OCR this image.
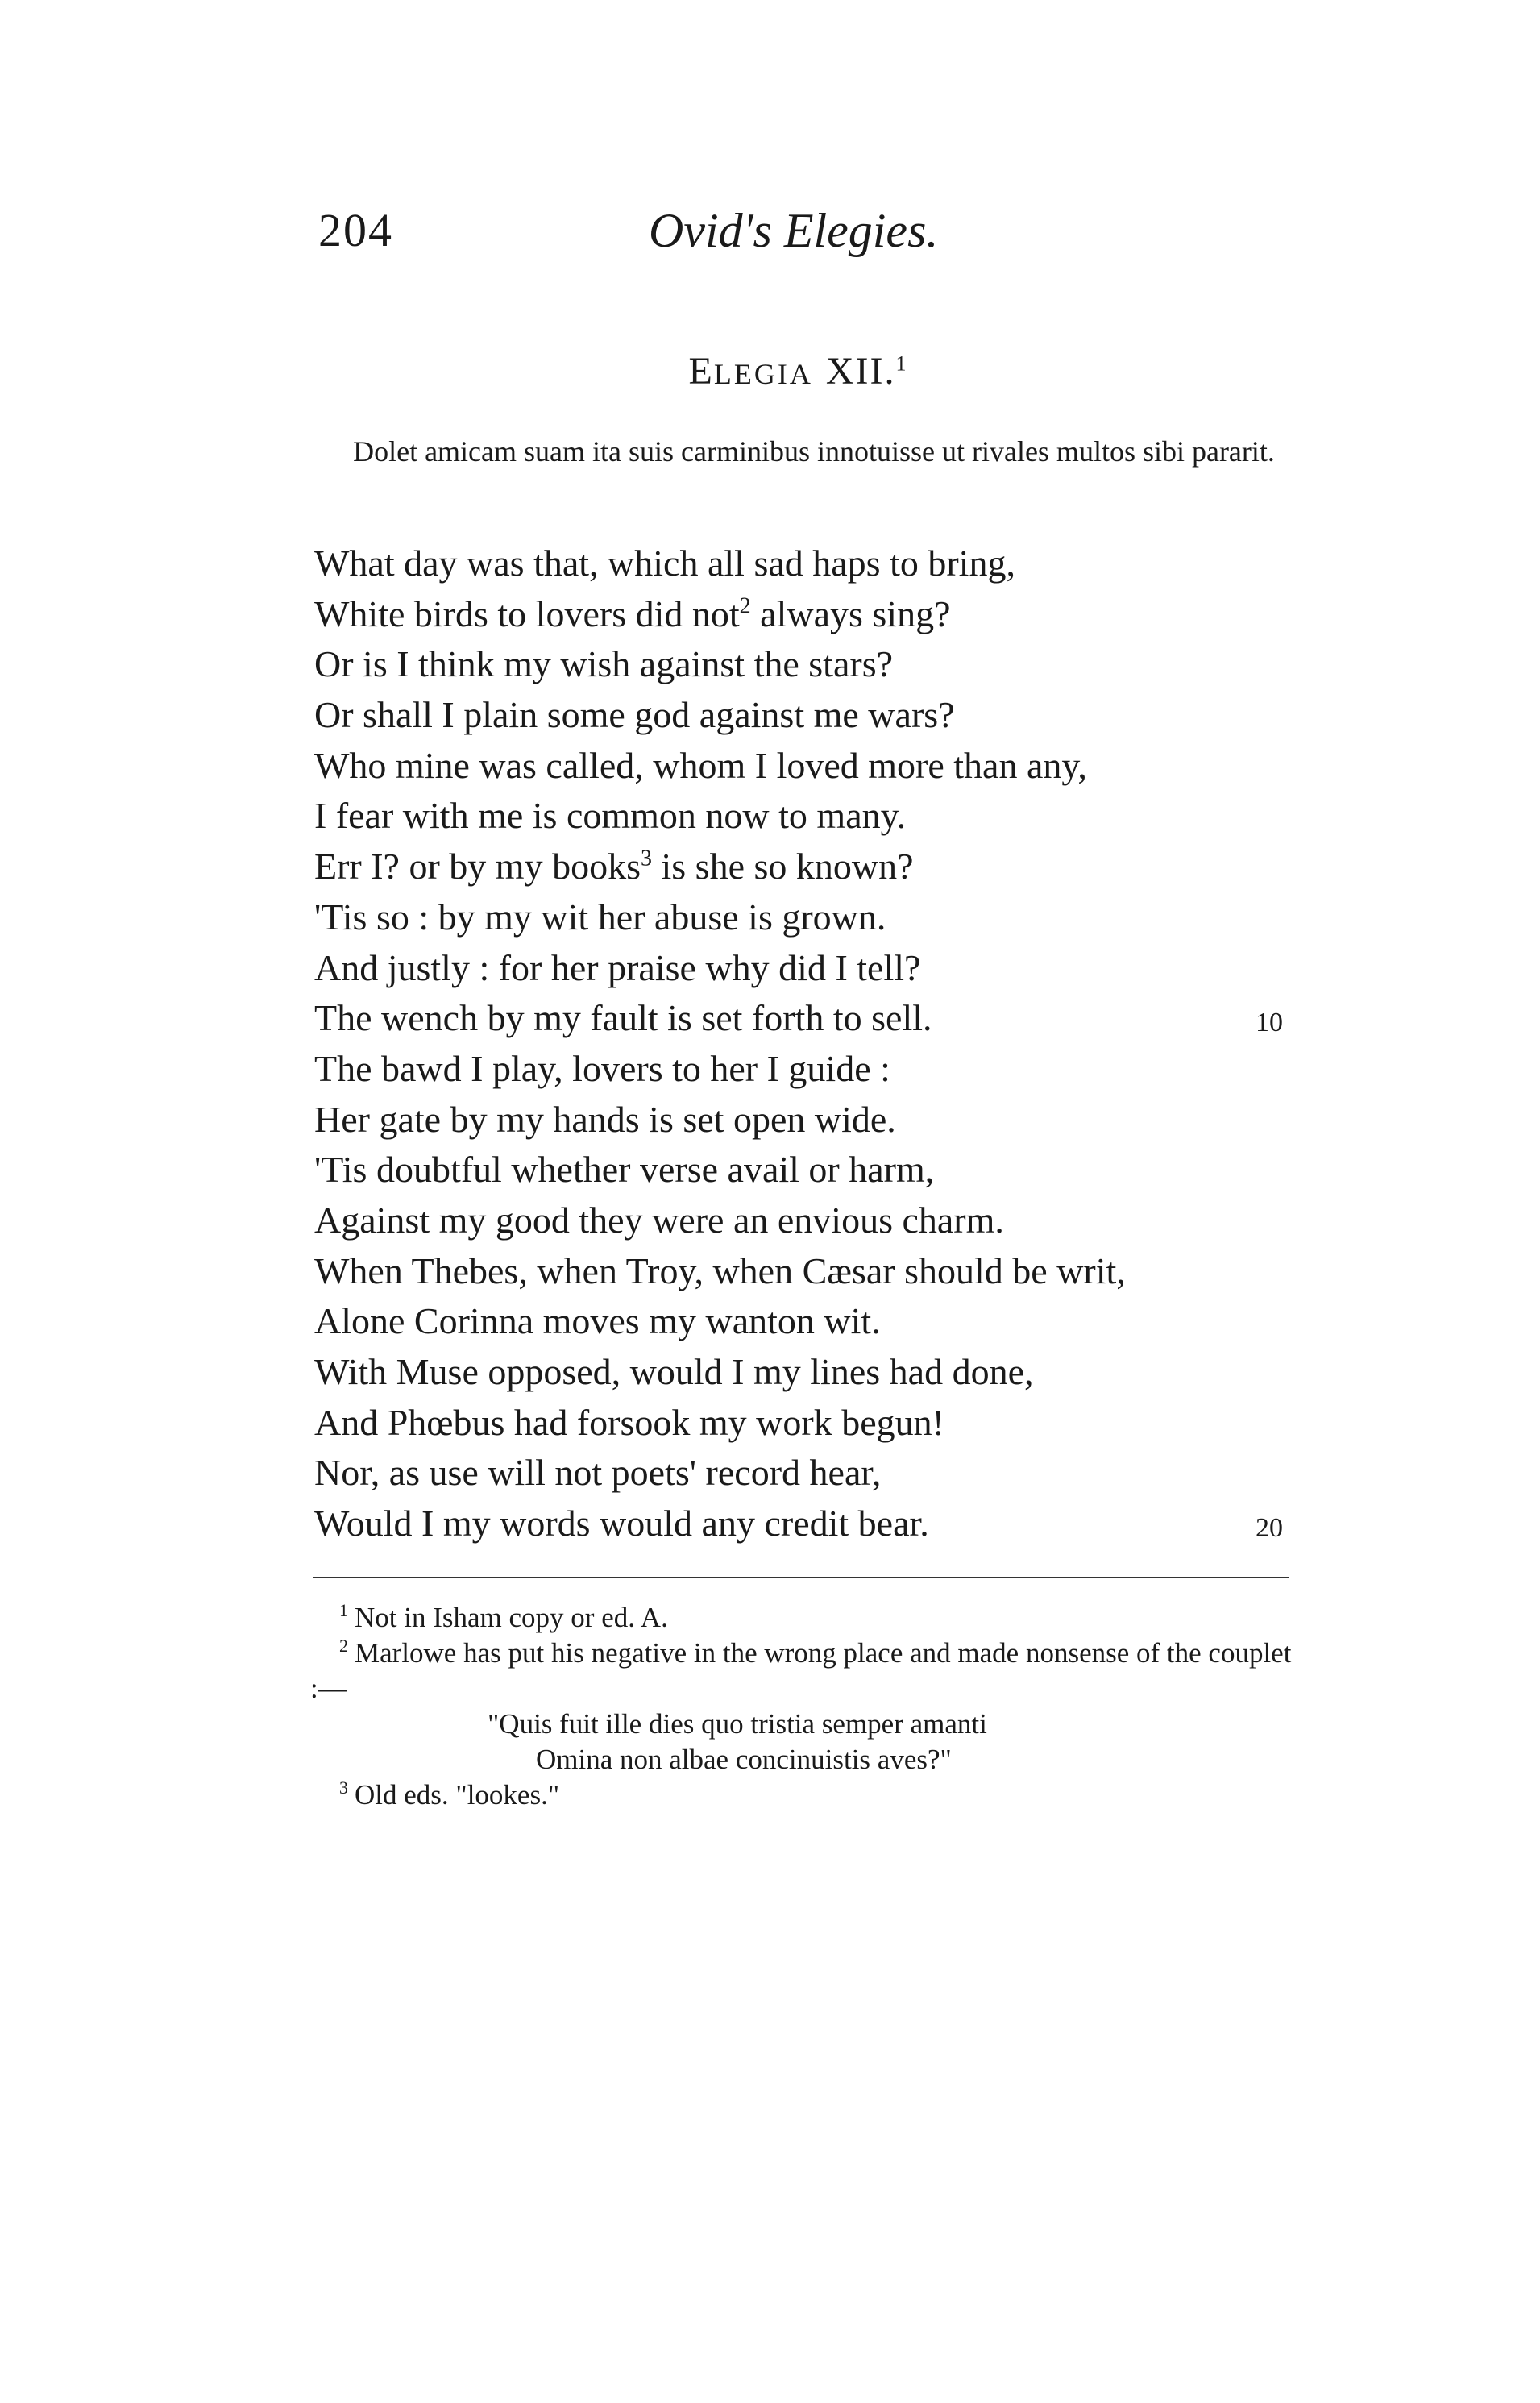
204	Ovid's Elegies.
ELEGIA XII.$^1$
Dolet amicam suam ita suis carminibus innotuisse ut rivales multos sibi pararit.
What day was that, which all sad haps to bring,
White birds to lovers did not$^2$ always sing?
Or is I think my wish against the stars?
Or shall I plain some god against me wars?
Who mine was called, whom I loved more than any,
I fear with me is common now to many.
Err I? or by my books$^3$ is she so known?
'Tis so : by my wit her abuse is grown.
And justly : for her praise why did I tell?
The wench by my fault is set forth to sell.	10
The bawd I play, lovers to her I guide :
Her gate by my hands is set open wide.
'Tis doubtful whether verse avail or harm,
Against my good they were an envious charm.
When Thebes, when Troy, when Cæsar should be writ,
Alone Corinna moves my wanton wit.
With Muse opposed, would I my lines had done,
And Phœbus had forsook my work begun!
Nor, as use will not poets' record hear,
Would I my words would any credit bear.	20
$^1$ Not in Isham copy or ed. A.
$^2$ Marlowe has put his negative in the wrong place and made nonsense of the couplet :—
"Quis fuit ille dies quo tristia semper amanti
Omina non albae concinuistis aves?"
$^3$ Old eds. "lookes."
